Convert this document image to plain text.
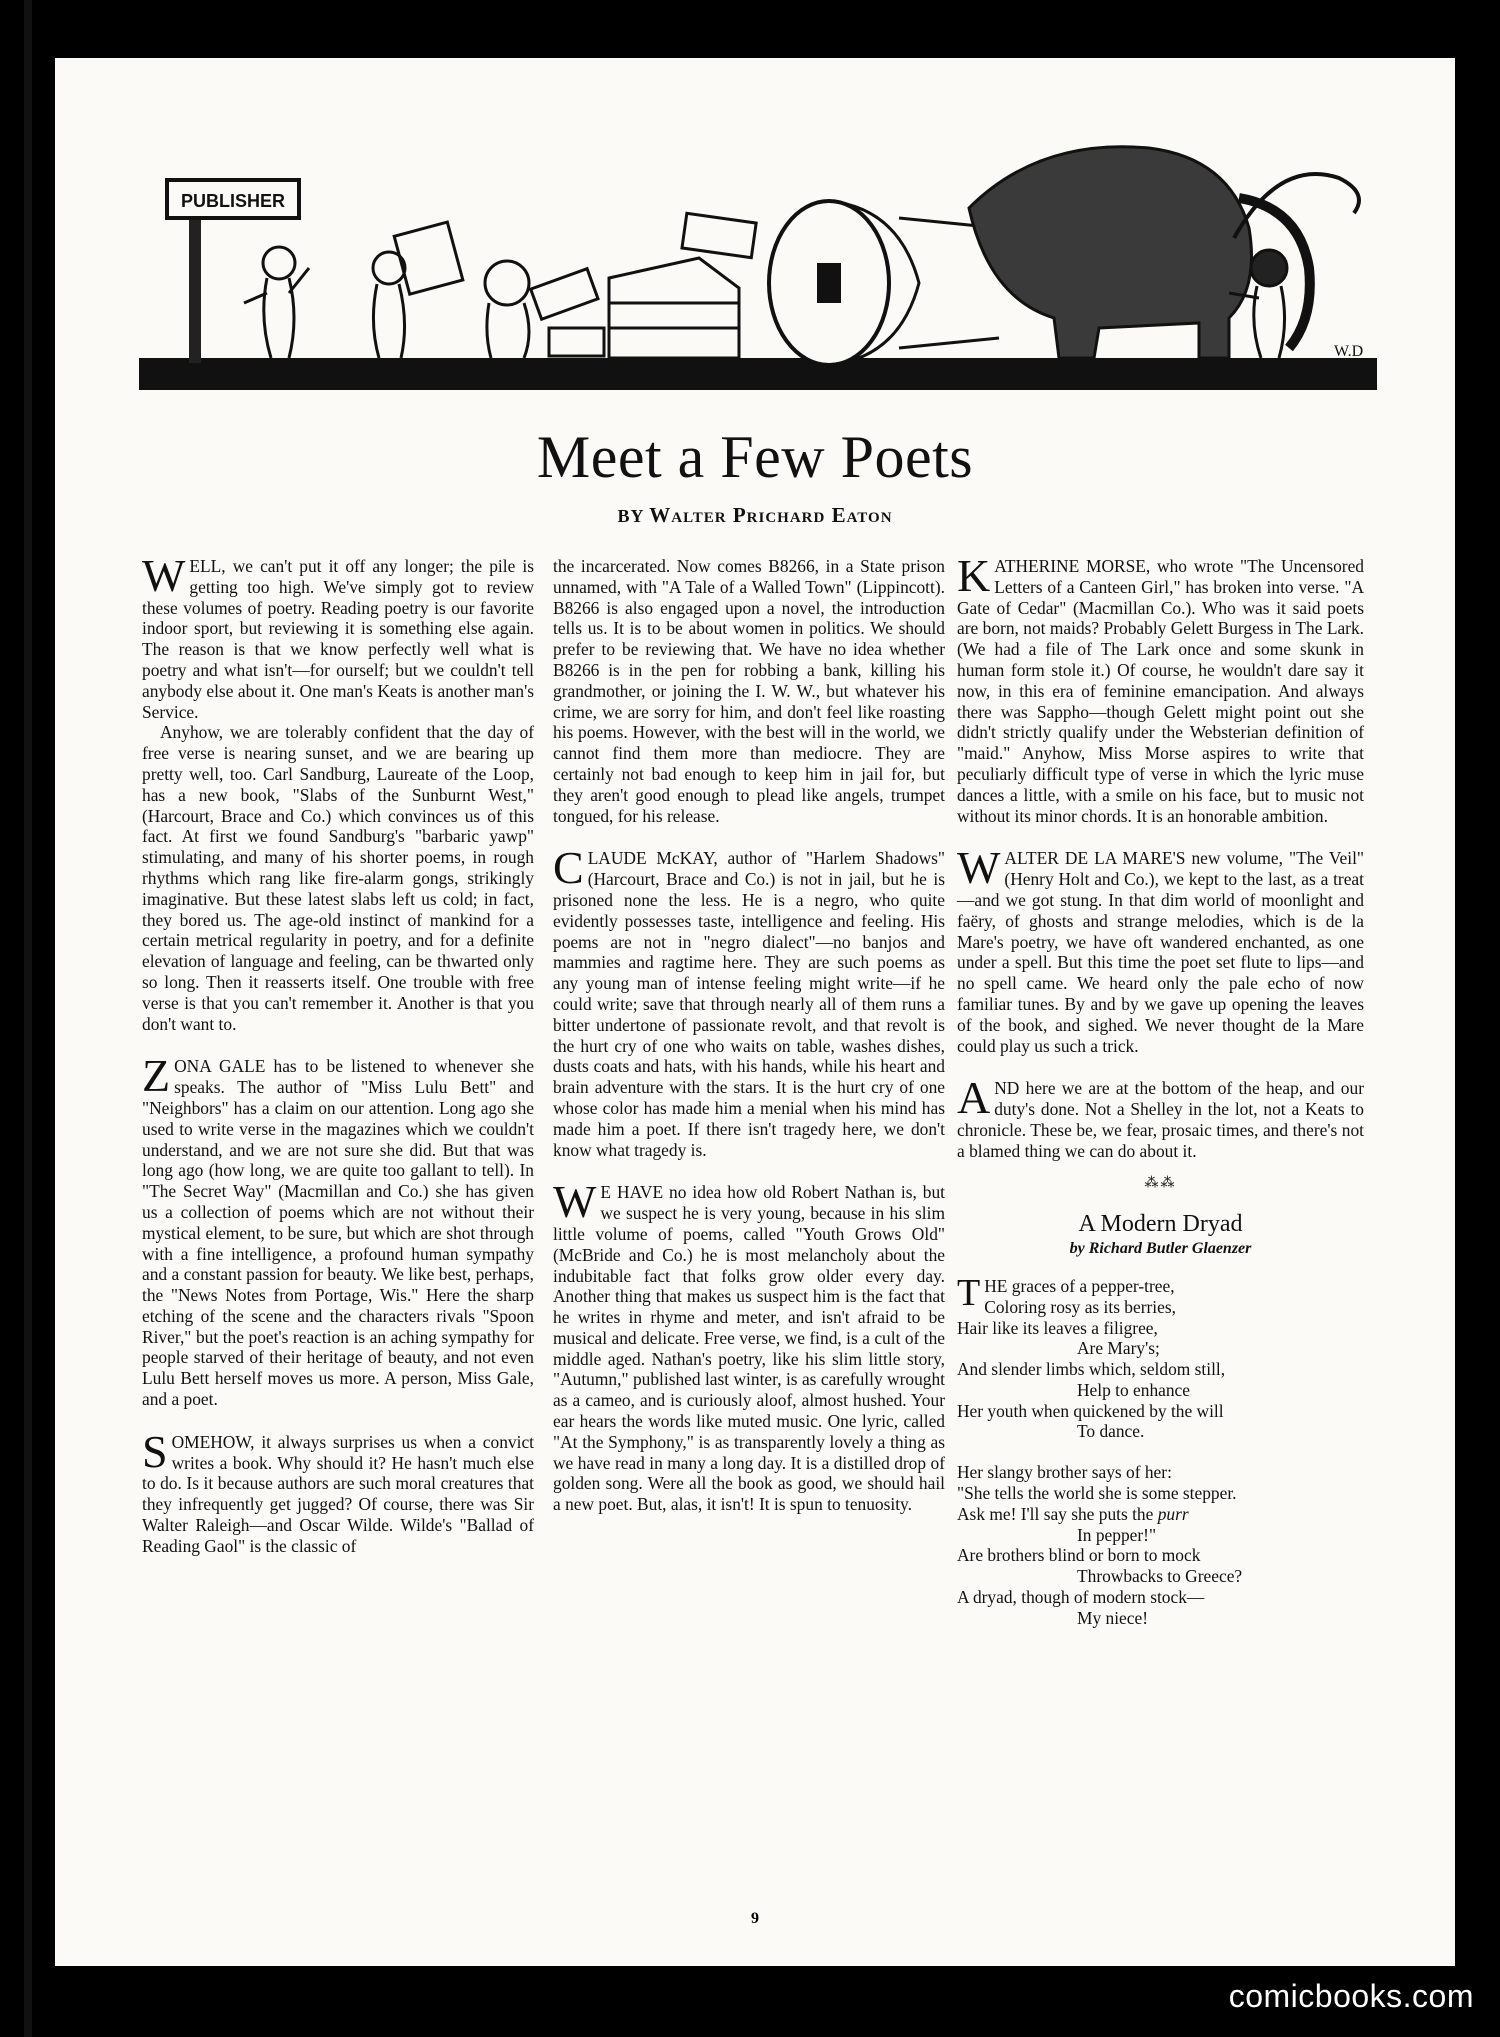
PUBLISHER
W.D
Meet a Few Poets
BY Walter Prichard Eaton

WELL, we can't put it off any longer; the pile is getting too high. We've simply got to review these volumes of poetry. Reading poetry is our favorite indoor sport, but reviewing it is something else again. The reason is that we know perfectly well what is poetry and what isn't—for ourself; but we couldn't tell anybody else about it. One man's Keats is another man's Service.

Anyhow, we are tolerably confident that the day of free verse is nearing sunset, and we are bearing up pretty well, too. Carl Sandburg, Laureate of the Loop, has a new book, "Slabs of the Sunburnt West," (Harcourt, Brace and Co.) which convinces us of this fact. At first we found Sandburg's "barbaric yawp" stimulating, and many of his shorter poems, in rough rhythms which rang like fire-alarm gongs, strikingly imaginative. But these latest slabs left us cold; in fact, they bored us. The age-old instinct of mankind for a certain metrical regularity in poetry, and for a definite elevation of language and feeling, can be thwarted only so long. Then it reasserts itself. One trouble with free verse is that you can't remember it. Another is that you don't want to.

ZONA GALE has to be listened to whenever she speaks. The author of "Miss Lulu Bett" and "Neighbors" has a claim on our attention. Long ago she used to write verse in the magazines which we couldn't understand, and we are not sure she did. But that was long ago (how long, we are quite too gallant to tell). In "The Secret Way" (Macmillan and Co.) she has given us a collection of poems which are not without their mystical element, to be sure, but which are shot through with a fine intelligence, a profound human sympathy and a constant passion for beauty. We like best, perhaps, the "News Notes from Portage, Wis." Here the sharp etching of the scene and the characters rivals "Spoon River," but the poet's reaction is an aching sympathy for people starved of their heritage of beauty, and not even Lulu Bett herself moves us more. A person, Miss Gale, and a poet.

SOMEHOW, it always surprises us when a convict writes a book. Why should it? He hasn't much else to do. Is it because authors are such moral creatures that they infrequently get jugged? Of course, there was Sir Walter Raleigh—and Oscar Wilde. Wilde's "Ballad of Reading Gaol" is the classic of

the incarcerated. Now comes B8266, in a State prison unnamed, with "A Tale of a Walled Town" (Lippincott). B8266 is also engaged upon a novel, the introduction tells us. It is to be about women in politics. We should prefer to be reviewing that. We have no idea whether B8266 is in the pen for robbing a bank, killing his grandmother, or joining the I. W. W., but whatever his crime, we are sorry for him, and don't feel like roasting his poems. However, with the best will in the world, we cannot find them more than mediocre. They are certainly not bad enough to keep him in jail for, but they aren't good enough to plead like angels, trumpet tongued, for his release.

CLAUDE McKAY, author of "Harlem Shadows" (Harcourt, Brace and Co.) is not in jail, but he is prisoned none the less. He is a negro, who quite evidently possesses taste, intelligence and feeling. His poems are not in "negro dialect"—no banjos and mammies and ragtime here. They are such poems as any young man of intense feeling might write—if he could write; save that through nearly all of them runs a bitter undertone of passionate revolt, and that revolt is the hurt cry of one who waits on table, washes dishes, dusts coats and hats, with his hands, while his heart and brain adventure with the stars. It is the hurt cry of one whose color has made him a menial when his mind has made him a poet. If there isn't tragedy here, we don't know what tragedy is.

W E HAVE no idea how old Robert Nathan is, but we suspect he is very young, because in his slim little volume of poems, called "Youth Grows Old" (McBride and Co.) he is most melancholy about the indubitable fact that folks grow older every day. Another thing that makes us suspect him is the fact that he writes in rhyme and meter, and isn't afraid to be musical and delicate. Free verse, we find, is a cult of the middle aged. Nathan's poetry, like his slim little story, "Autumn," published last winter, is as carefully wrought as a cameo, and is curiously aloof, almost hushed. Your ear hears the words like muted music. One lyric, called "At the Symphony," is as transparently lovely a thing as we have read in many a long day. It is a distilled drop of golden song. Were all the book as good, we should hail a new poet. But, alas, it isn't! It is spun to tenuosity.

KATHERINE MORSE, who wrote "The Uncensored Letters of a Canteen Girl," has broken into verse. "A Gate of Cedar" (Macmillan Co.). Who was it said poets are born, not maids? Probably Gelett Burgess in The Lark. (We had a file of The Lark once and some skunk in human form stole it.) Of course, he wouldn't dare say it now, in this era of feminine emancipation. And always there was Sappho—though Gelett might point out she didn't strictly qualify under the Websterian definition of "maid." Anyhow, Miss Morse aspires to write that peculiarly difficult type of verse in which the lyric muse dances a little, with a smile on his face, but to music not without its minor chords. It is an honorable ambition.

WALTER DE LA MARE'S new volume, "The Veil" (Henry Holt and Co.), we kept to the last, as a treat—and we got stung. In that dim world of moonlight and faëry, of ghosts and strange melodies, which is de la Mare's poetry, we have oft wandered enchanted, as one under a spell. But this time the poet set flute to lips—and no spell came. We heard only the pale echo of now familiar tunes. By and by we gave up opening the leaves of the book, and sighed. We never thought de la Mare could play us such a trick.

AND here we are at the bottom of the heap, and our duty's done. Not a Shelley in the lot, not a Keats to chronicle. These be, we fear, prosaic times, and there's not a blamed thing we can do about it.

⁂⁂
A Modern Dryad
by Richard Butler Glaenzer

THE graces of a pepper-tree,

Coloring rosy as its berries,

Hair like its leaves a filigree,

Are Mary's;

And slender limbs which, seldom still,

Help to enhance

Her youth when quickened by the will

To dance.

Her slangy brother says of her:

"She tells the world she is some stepper.

Ask me! I'll say she puts the purr

In pepper!"

Are brothers blind or born to mock

Throwbacks to Greece?

A dryad, though of modern stock—

My niece!

9
comicbooks.com
